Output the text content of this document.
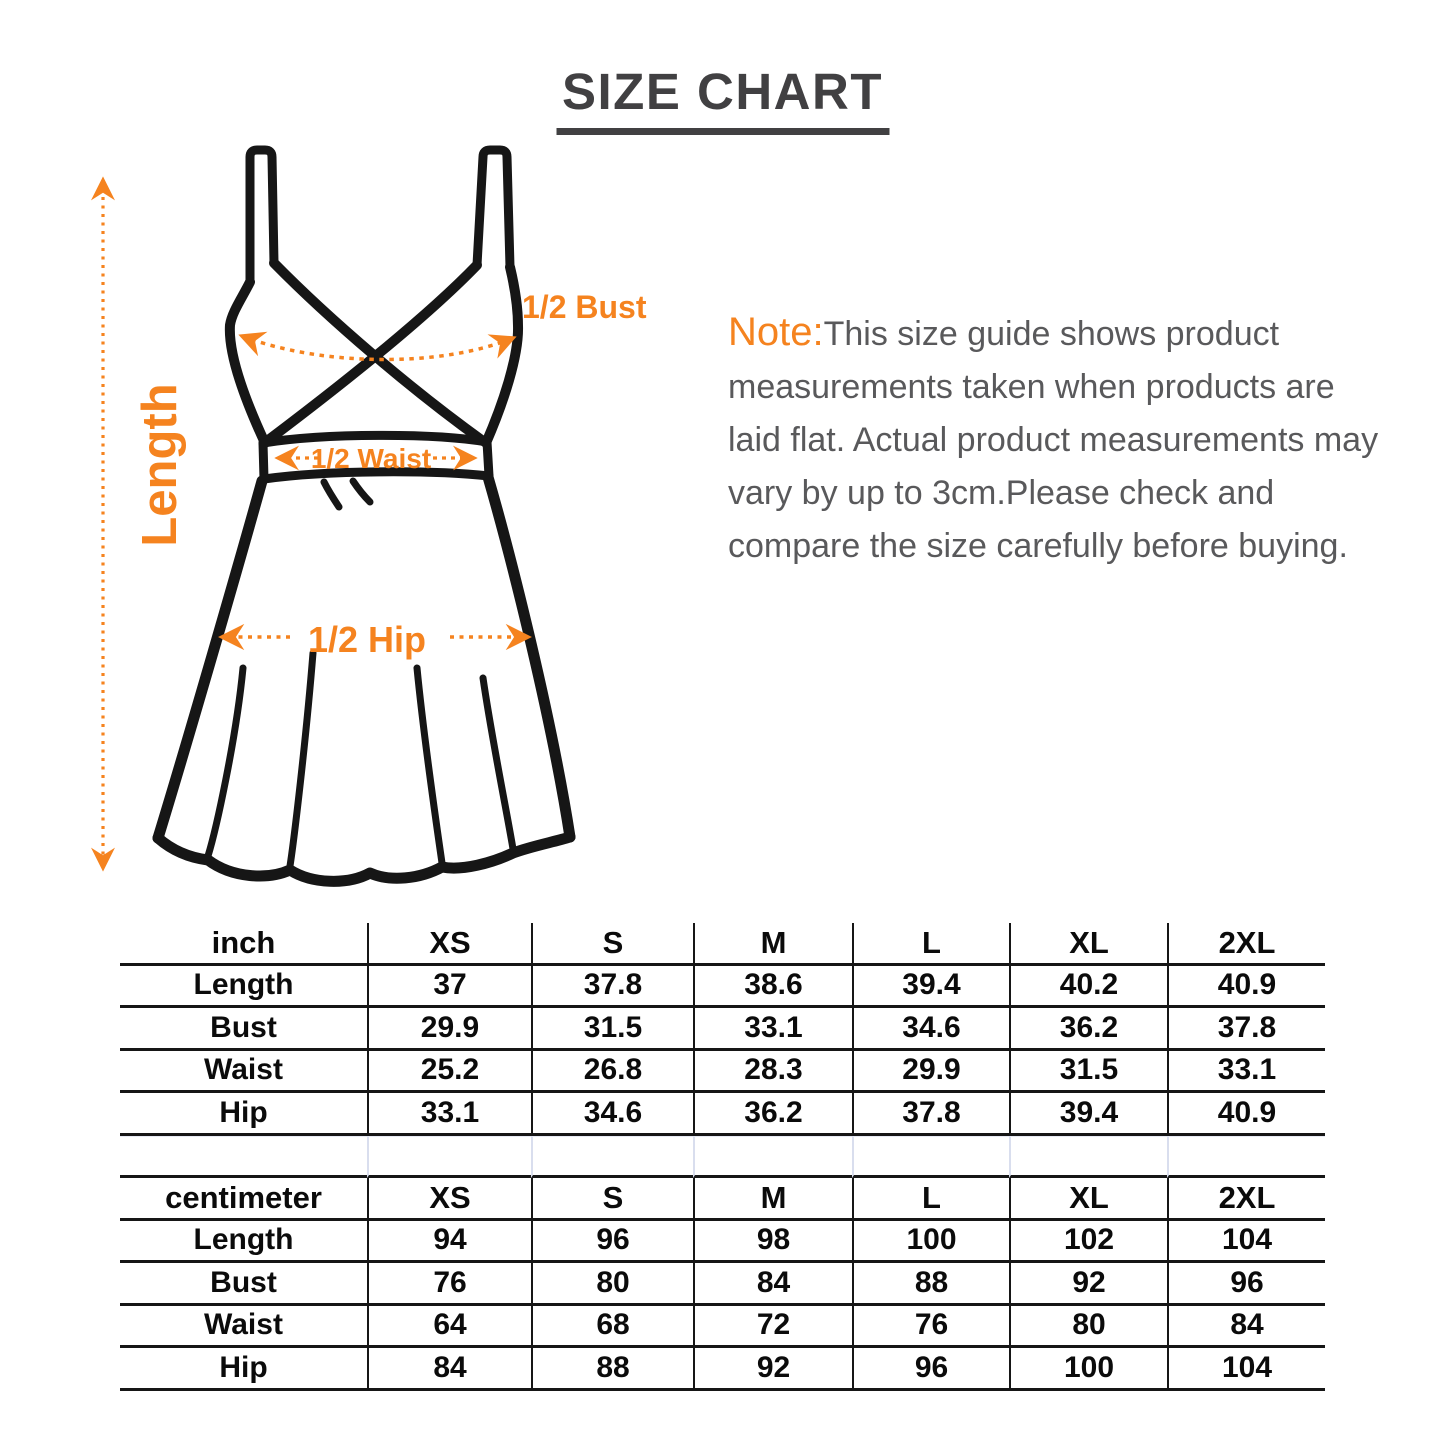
SIZE CHART
Length
1/2 Bust
1/2 Waist
1/2 Hip
Note:This size guide shows product measurements taken when products are laid flat. Actual product measurements may vary by up to 3cm.Please check and compare the size carefully before buying.
inch	XS	S	M	L	XL	2XL
Length	37	37.8	38.6	39.4	40.2	40.9
Bust	29.9	31.5	33.1	34.6	36.2	37.8
Waist	25.2	26.8	28.3	29.9	31.5	33.1
Hip	33.1	34.6	36.2	37.8	39.4	40.9
centimeter	XS	S	M	L	XL	2XL
Length	94	96	98	100	102	104
Bust	76	80	84	88	92	96
Waist	64	68	72	76	80	84
Hip	84	88	92	96	100	104
